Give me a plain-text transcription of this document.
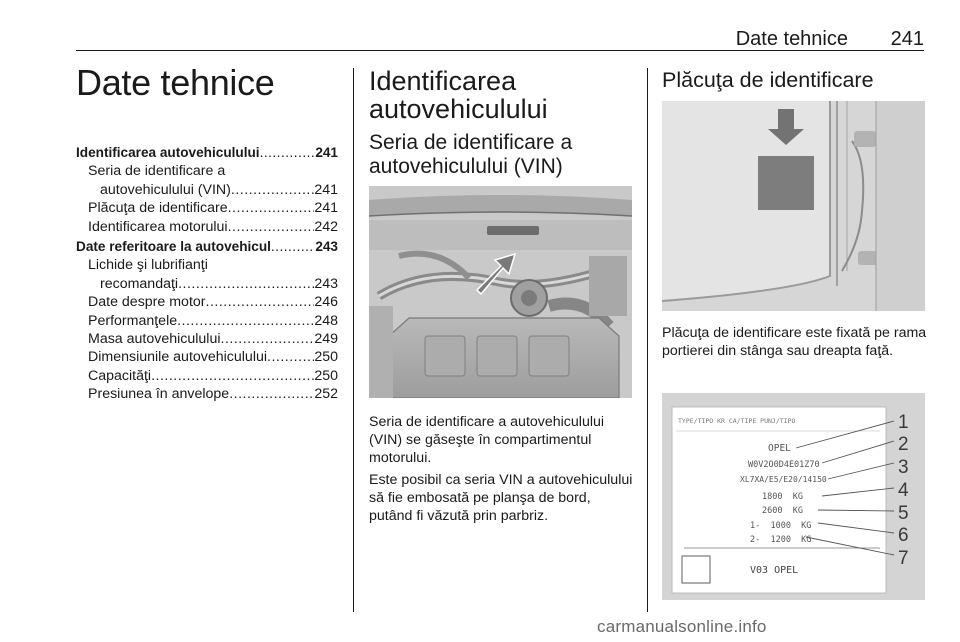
Date tehnice 241
Date tehnice
Identificarea autovehiculului .....	241
Seria de identificare a
autovehiculului (VIN) .....	241
Plăcuţa de identificare .....	241
Identificarea motorului .....	242
Date referitoare la autovehicul .....	243
Lichide şi lubrifianţi
recomandaţi .....	243
Date despre motor .....	246
Performanţele .....	248
Masa autovehiculului .....	249
Dimensiunile autovehiculului .....	250
Capacităţi .....	250
Presiunea în anvelope .....	252
Identificarea autovehiculului
Seria de identificare a autovehiculului (VIN)
Seria de identificare a autovehiculului (VIN) se găseşte în compartimentul motorului.
Este posibil ca seria VIN a autovehiculului să fie embosată pe planşa de bord, putând fi văzută prin parbriz.
Plăcuţa de identificare
Plăcuţa de identificare este fixată pe rama portierei din stânga sau dreapta faţă.
TYPE/TIPO KR CA/TIPE PUNJ/TIPO
OPEL
W0V2O0D4E01Z70
XL7XA/E5/E20/14150
1800  KG
2600  KG
1-  1000  KG
2-  1200  KG
V03 OPEL
1
2
3
4
5
6
7
carmanualsonline.info
